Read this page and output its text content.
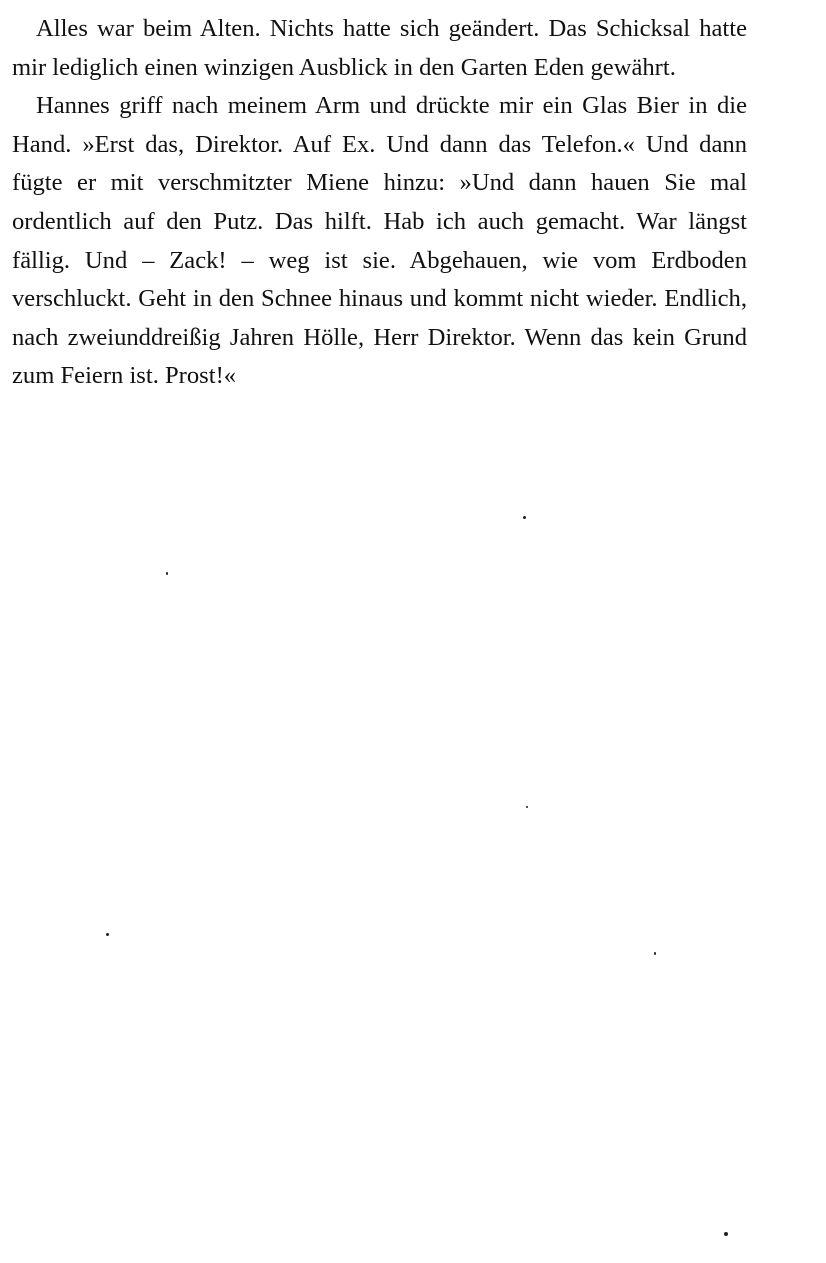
Alles war beim Alten. Nichts hatte sich geändert. Das Schicksal hatte mir lediglich einen winzigen Ausblick in den Garten Eden gewährt.

Hannes griff nach meinem Arm und drückte mir ein Glas Bier in die Hand. »Erst das, Direktor. Auf Ex. Und dann das Telefon.« Und dann fügte er mit verschmitzter Miene hinzu: »Und dann hauen Sie mal ordentlich auf den Putz. Das hilft. Hab ich auch gemacht. War längst fällig. Und – Zack! – weg ist sie. Abgehauen, wie vom Erdboden verschluckt. Geht in den Schnee hinaus und kommt nicht wieder. Endlich, nach zweiunddreißig Jahren Hölle, Herr Direktor. Wenn das kein Grund zum Feiern ist. Prost!«
